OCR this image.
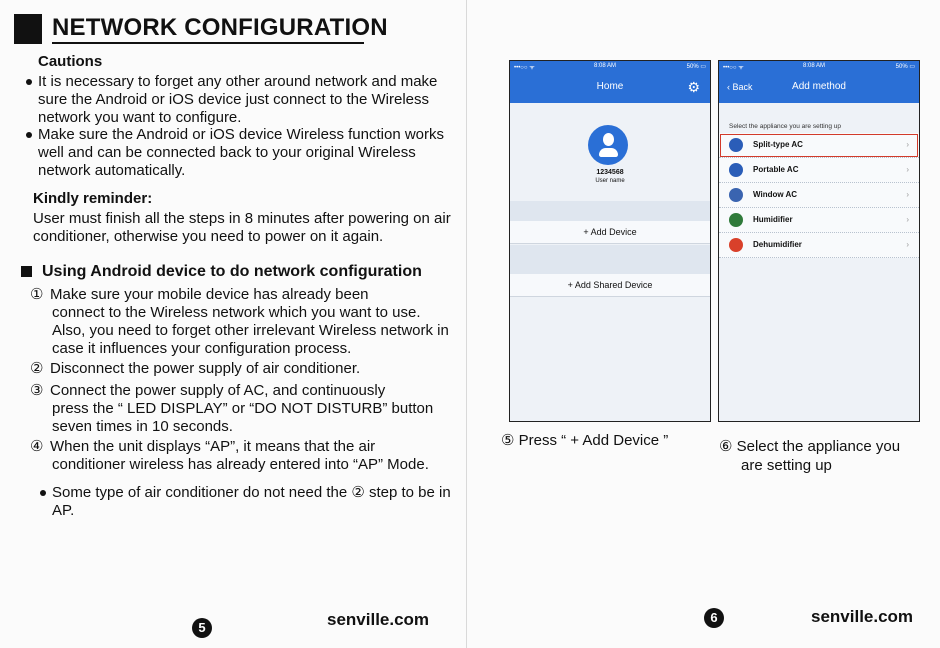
NETWORK CONFIGURATION
Cautions
It is necessary to forget any other around network and make sure the Android or iOS device just connect to the Wireless network you want to configure.
Make sure the Android or iOS device Wireless function works well and can be connected back to your original Wireless network automatically.
Kindly reminder:
User must finish all the steps in 8 minutes after powering on air conditioner, otherwise you need to power on it again.
Using Android device to do network configuration
① Make sure your mobile device has already been
connect to the Wireless network which you want to use. Also, you need to forget other irrelevant Wireless network in case it influences your configuration process.
② Disconnect the power supply of air conditioner.
③ Connect the power supply of AC, and continuously
press the “ LED DISPLAY” or “DO NOT DISTURB” button seven times in 10 seconds.
④ When the unit displays “AP”, it means that the air
conditioner wireless has already entered into “AP” Mode.
Some type of air conditioner do not need the ② step to be in AP.
5	senville.com
•••○○ ᯤ	8:08 AM	50% ▭
Home	⚙
1234568
User name
+ Add Device
+ Add Shared Device
•••○○ ᯤ	8:08 AM	50% ▭
‹ Back	Add method
Select the appliance you are setting up
Split-type AC	›
Portable AC	›
Window AC	›
Humidifier	›
Dehumidifier	›
⑤ Press “ + Add Device ”	⑥ Select the appliance you
are setting up
6	senville.com
